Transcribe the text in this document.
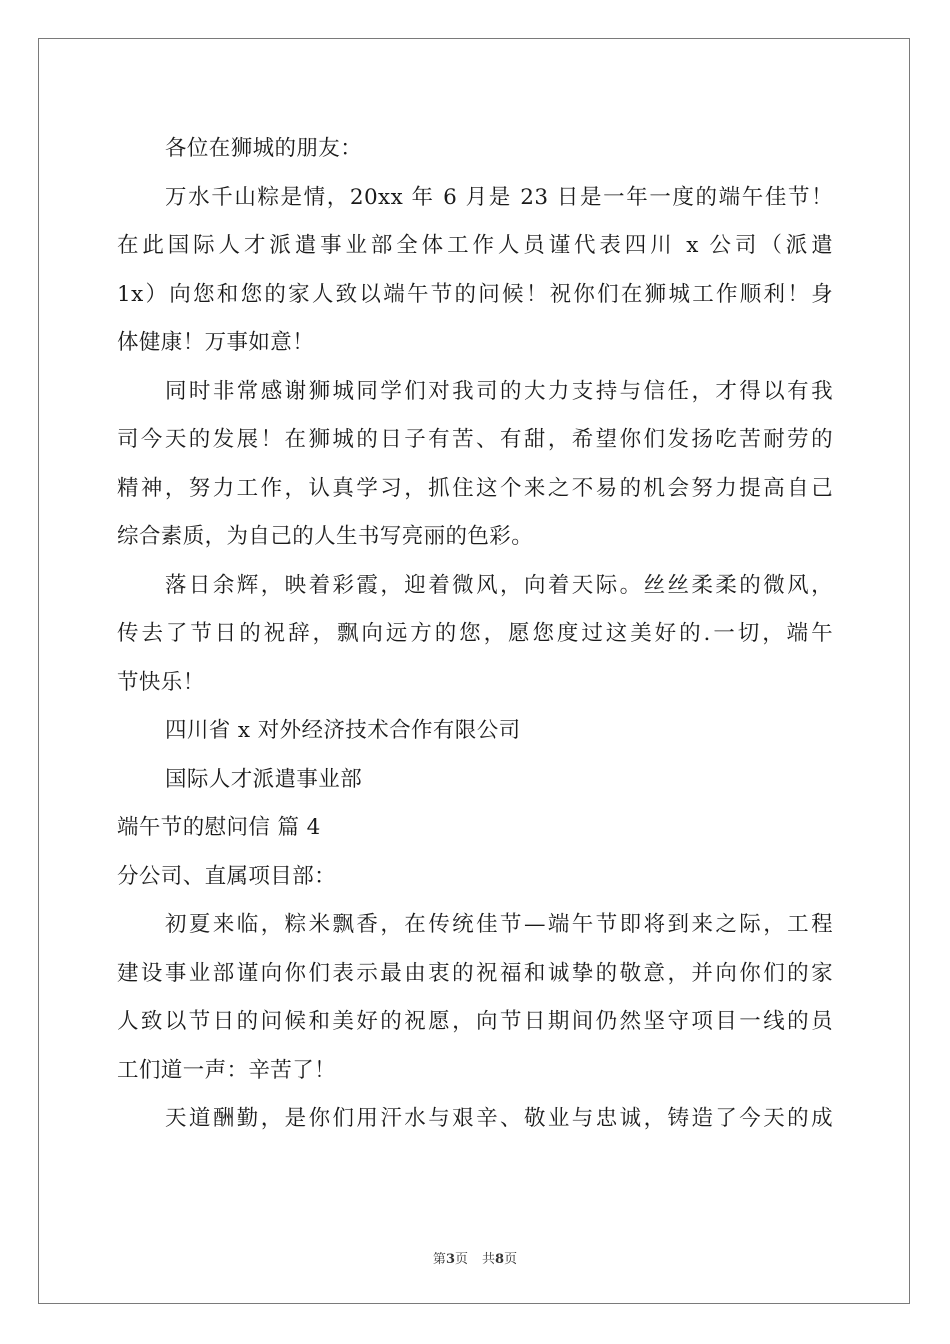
各位在狮城的朋友：
万水千山粽是情，20xx 年 6 月是 23 日是一年一度的端午佳节！
在此国际人才派遣事业部全体工作人员谨代表四川 x 公司（派遣
1x）向您和您的家人致以端午节的问候！祝你们在狮城工作顺利！身
体健康！万事如意！
同时非常感谢狮城同学们对我司的大力支持与信任，才得以有我
司今天的发展！在狮城的日子有苦、有甜，希望你们发扬吃苦耐劳的
精神，努力工作，认真学习，抓住这个来之不易的机会努力提高自己
综合素质，为自己的人生书写亮丽的色彩。
落日余辉，映着彩霞，迎着微风，向着天际。丝丝柔柔的微风，
传去了节日的祝辞，飘向远方的您，愿您度过这美好的.一切，端午
节快乐！
四川省 x 对外经济技术合作有限公司
国际人才派遣事业部
端午节的慰问信 篇 4
分公司、直属项目部：
初夏来临，粽米飘香，在传统佳节—端午节即将到来之际，工程
建设事业部谨向你们表示最由衷的祝福和诚挚的敬意，并向你们的家
人致以节日的问候和美好的祝愿，向节日期间仍然坚守项目一线的员
工们道一声：辛苦了！
天道酬勤，是你们用汗水与艰辛、敬业与忠诚，铸造了今天的成
第3页 共8页
